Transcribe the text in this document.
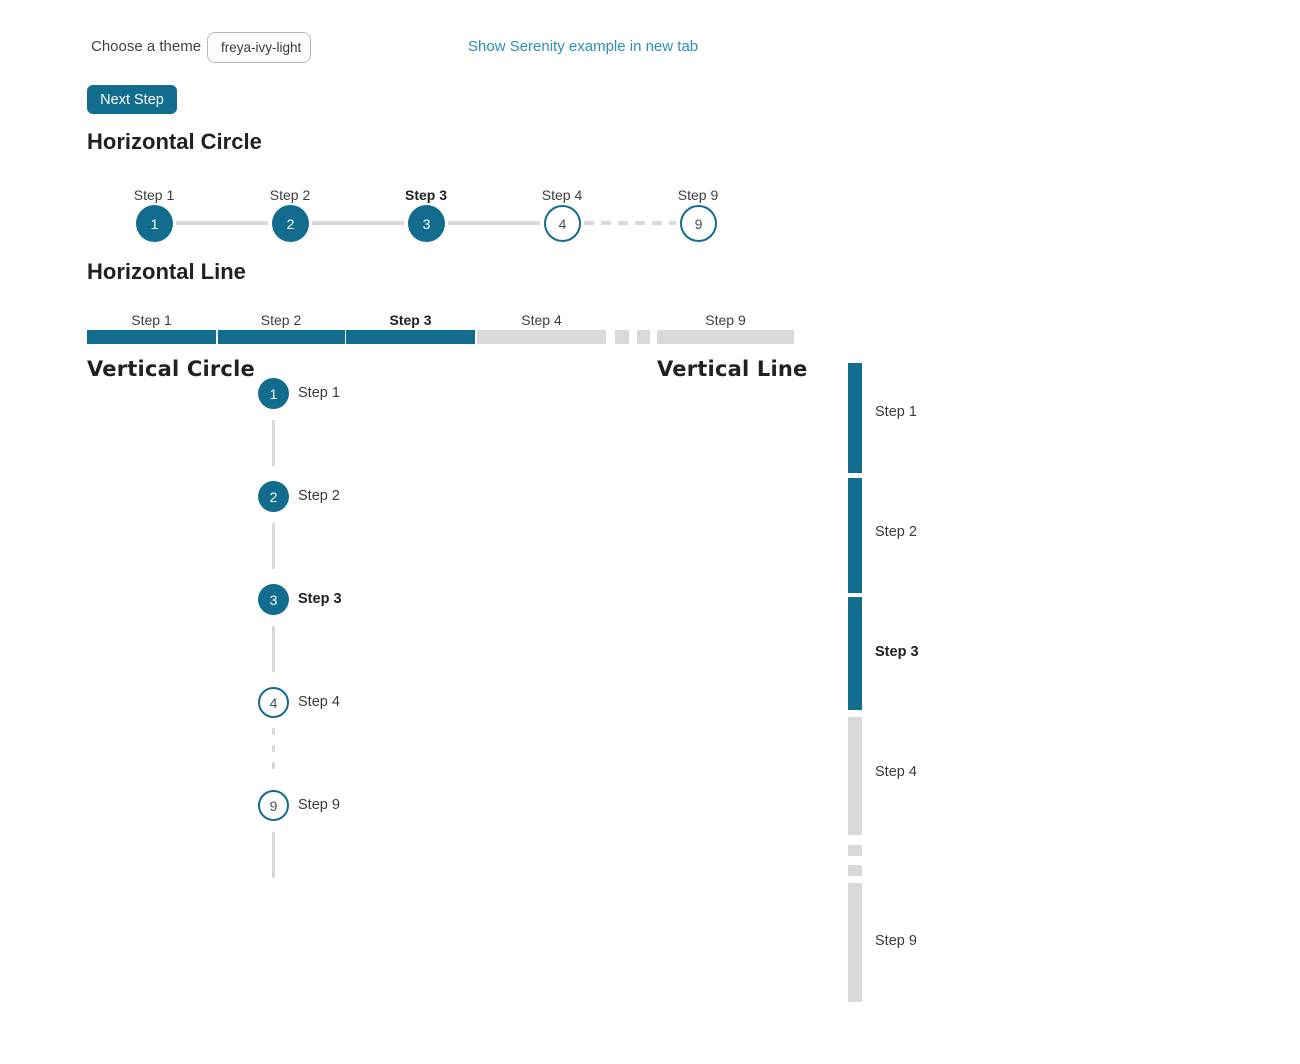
Choose a theme freya-ivy-light	Show Serenity example in new tab
Next Step
Horizontal Circle
Step 1	Step 2	Step 3	Step 4	Step 9
1	2	3	4	9
Horizontal Line
Step 1	Step 2	Step 3	Step 4	Step 9
Vertical Circle
1 Step 1
2 Step 2
3 Step 3
4 Step 4
9 Step 9
Vertical Line
Step 1
Step 2
Step 3
Step 4
Step 9
